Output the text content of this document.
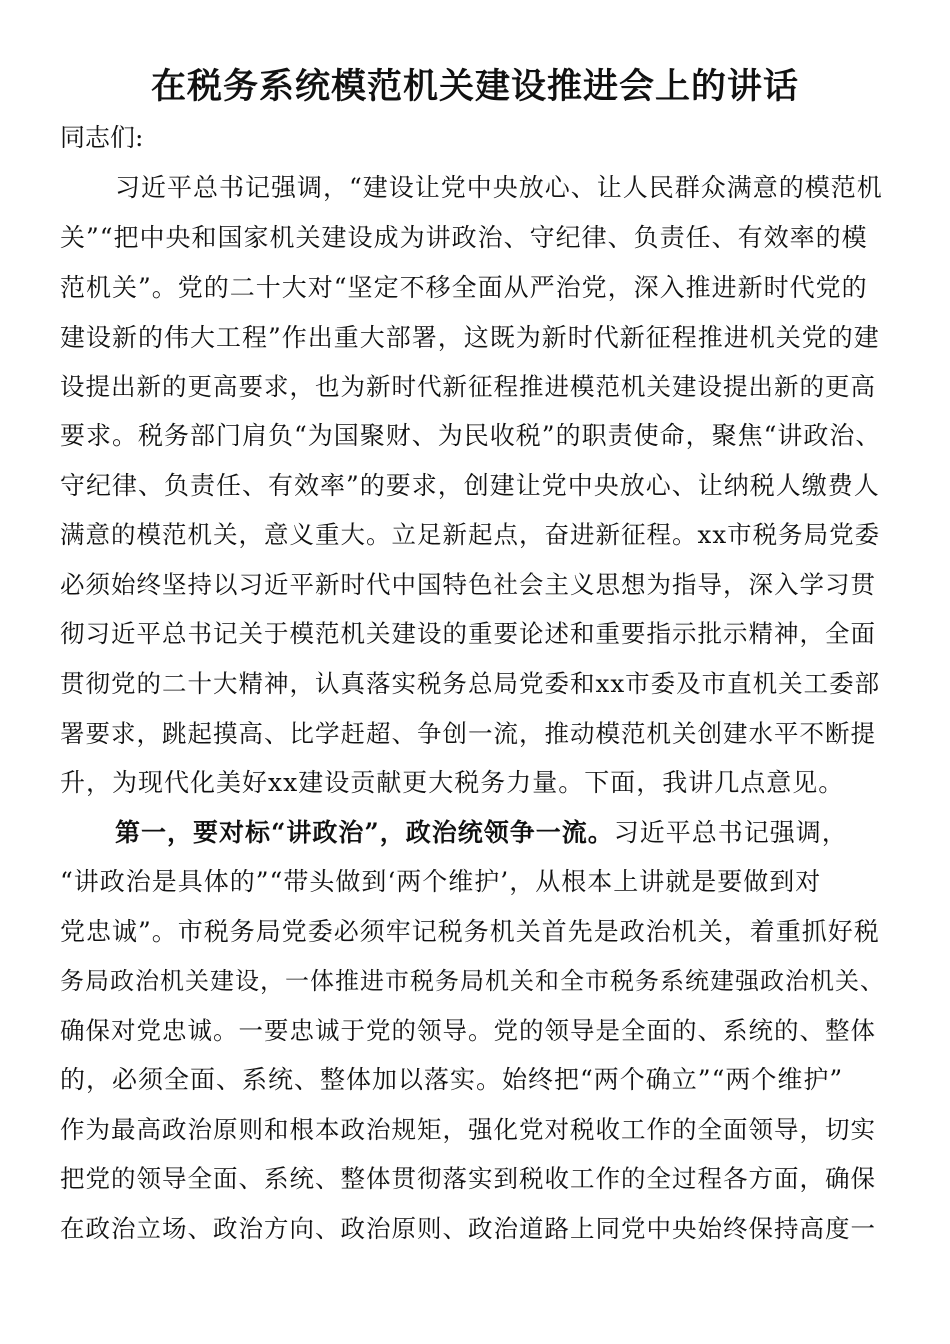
在税务系统模范机关建设推进会上的讲话
同志们:
习近平总书记强调，“建设让党中央放心、让人民群众满意的模范机
关”“把中央和国家机关建设成为讲政治、守纪律、负责任、有效率的模
范机关”。党的二十大对“坚定不移全面从严治党，深入推进新时代党的
建设新的伟大工程”作出重大部署，这既为新时代新征程推进机关党的建
设提出新的更高要求，也为新时代新征程推进模范机关建设提出新的更高
要求。税务部门肩负“为国聚财、为民收税”的职责使命，聚焦“讲政治、
守纪律、负责任、有效率”的要求，创建让党中央放心、让纳税人缴费人
满意的模范机关，意义重大。立足新起点，奋进新征程。xx市税务局党委
必须始终坚持以习近平新时代中国特色社会主义思想为指导，深入学习贯
彻习近平总书记关于模范机关建设的重要论述和重要指示批示精神，全面
贯彻党的二十大精神，认真落实税务总局党委和xx市委及市直机关工委部
署要求，跳起摸高、比学赶超、争创一流，推动模范机关创建水平不断提
升，为现代化美好xx建设贡献更大税务力量。下面，我讲几点意见。
第一，要对标“讲政治”，政治统领争一流。习近平总书记强调，
“讲政治是具体的”“带头做到‘两个维护’，从根本上讲就是要做到对
党忠诚”。市税务局党委必须牢记税务机关首先是政治机关，着重抓好税
务局政治机关建设，一体推进市税务局机关和全市税务系统建强政治机关、
确保对党忠诚。一要忠诚于党的领导。党的领导是全面的、系统的、整体
的，必须全面、系统、整体加以落实。始终把“两个确立”“两个维护”
作为最高政治原则和根本政治规矩，强化党对税收工作的全面领导，切实
把党的领导全面、系统、整体贯彻落实到税收工作的全过程各方面，确保
在政治立场、政治方向、政治原则、政治道路上同党中央始终保持高度一
